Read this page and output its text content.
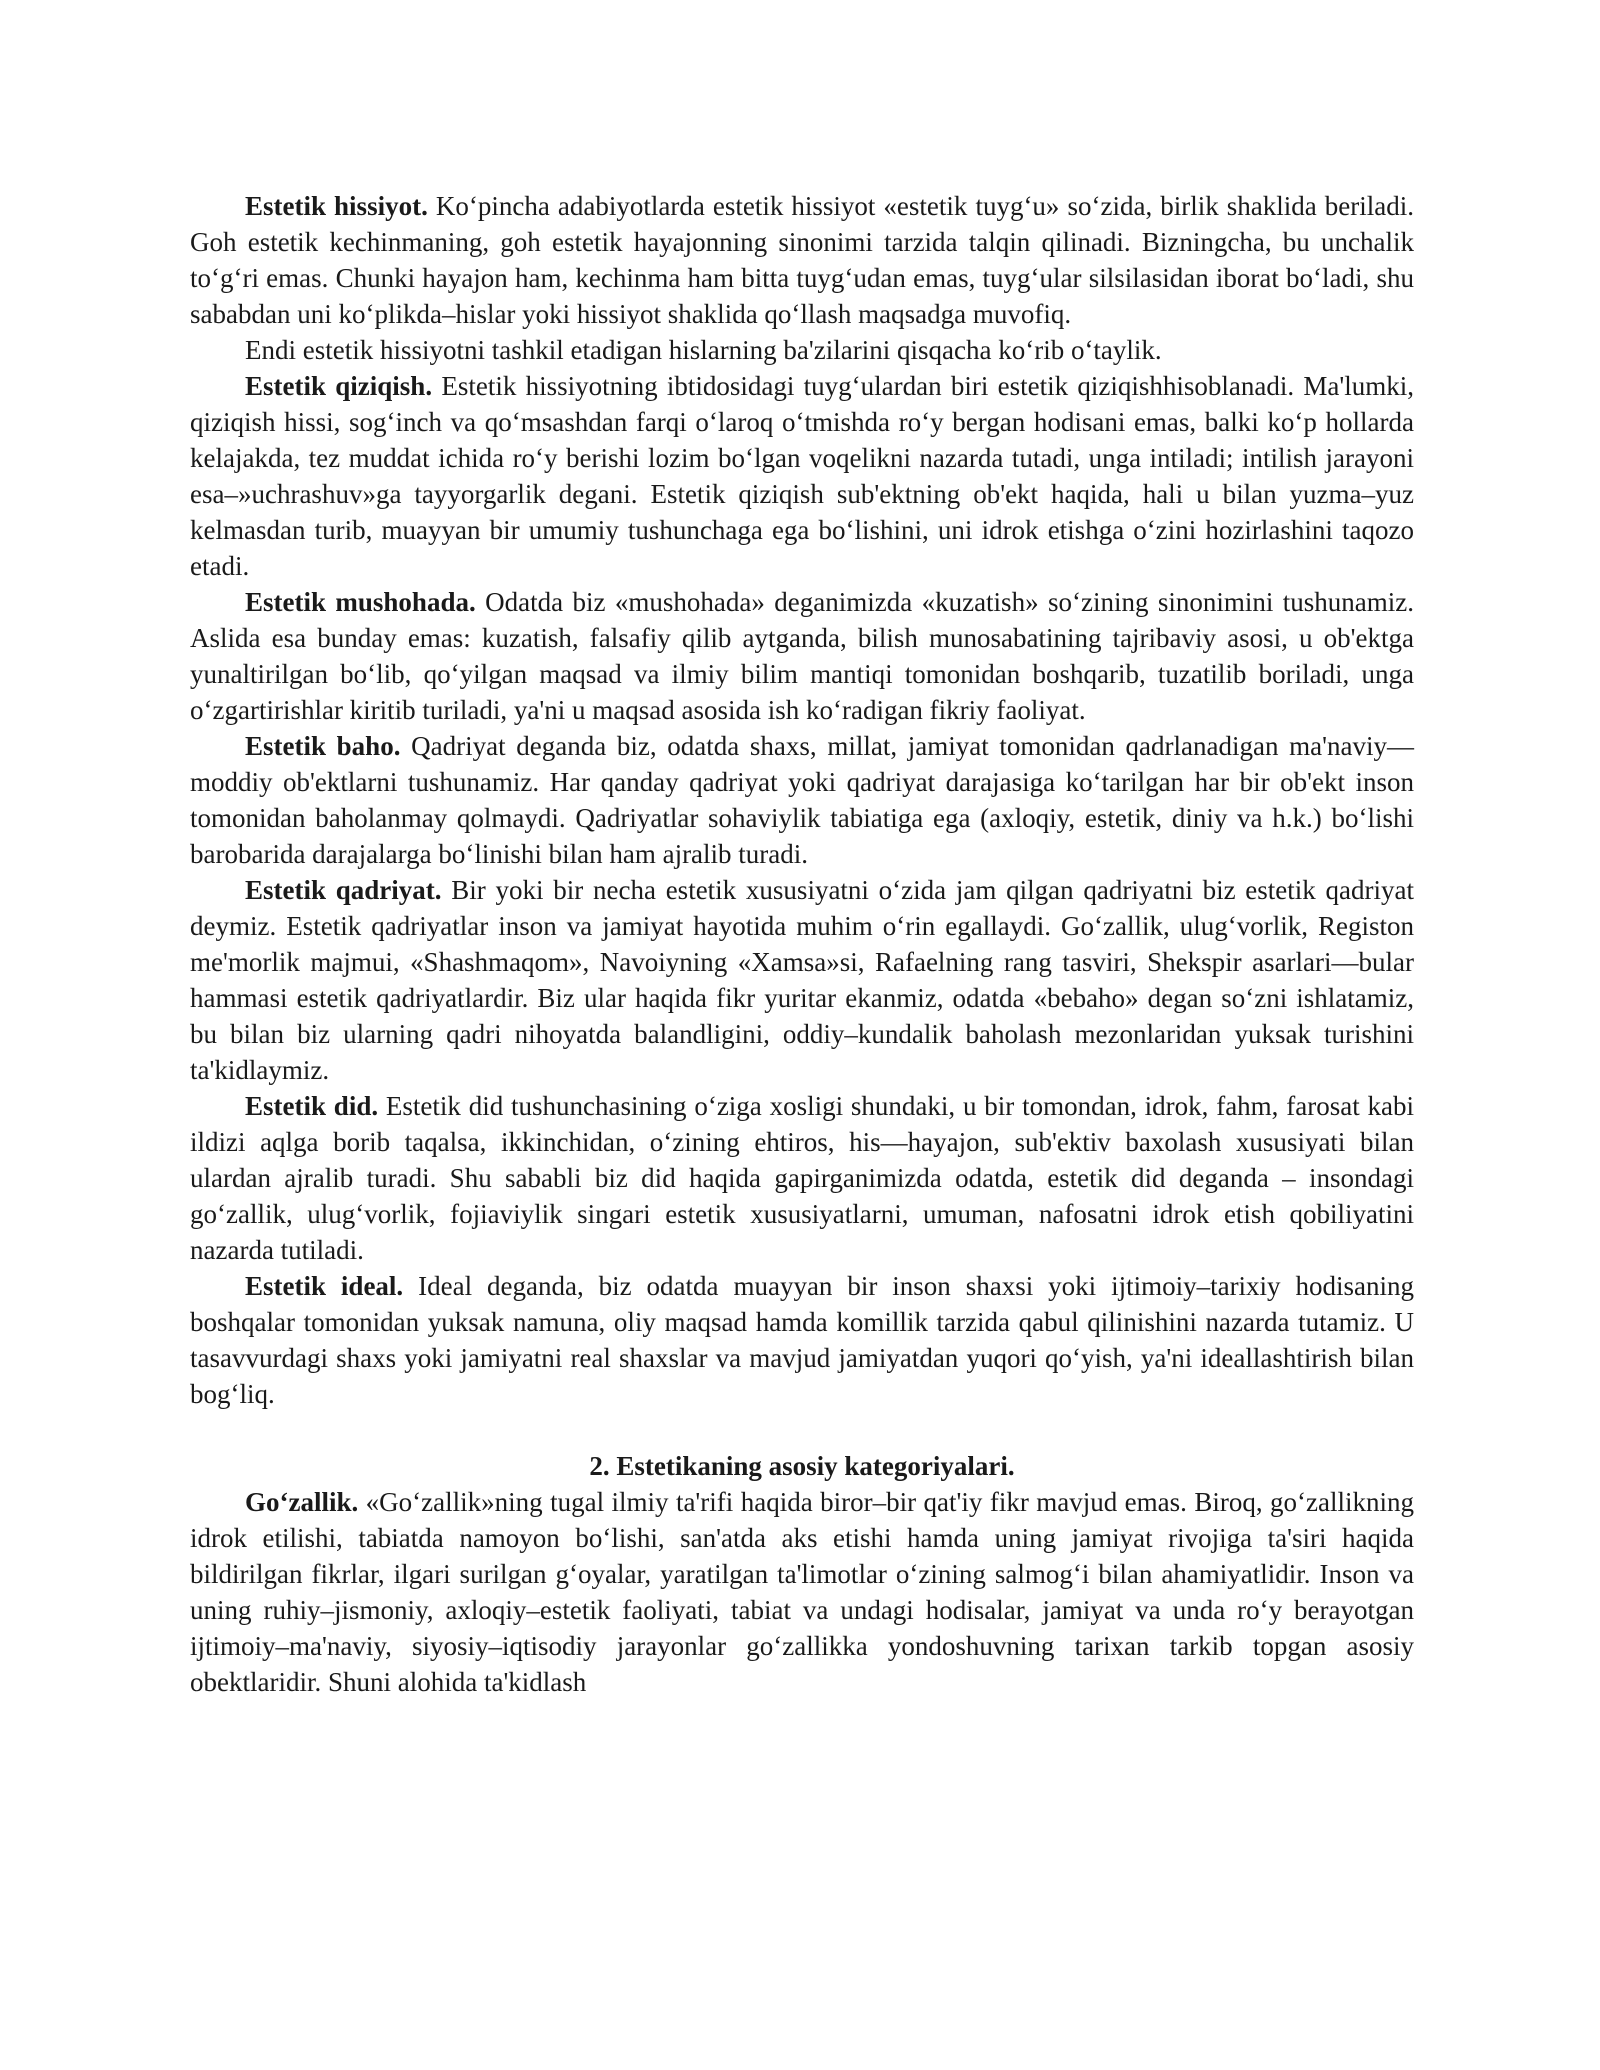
Estetik hissiyot. Ko‘pincha adabiyotlarda estetik hissiyot «estetik tuyg‘u» so‘zida, birlik shaklida beriladi. Goh estetik kechinmaning, goh estetik hayajonning sinonimi tarzida talqin qilinadi. Bizningcha, bu unchalik to‘g‘ri emas. Chunki hayajon ham, kechinma ham bitta tuyg‘udan emas, tuyg‘ular silsilasidan iborat bo‘ladi, shu sababdan uni ko‘plikda–hislar yoki hissiyot shaklida qo‘llash maqsadga muvofiq.

Endi estetik hissiyotni tashkil etadigan hislarning ba'zilarini qisqacha ko‘rib o‘taylik.

Estetik qiziqish. Estetik hissiyotning ibtidosidagi tuyg‘ulardan biri estetik qiziqishhisoblanadi. Ma'lumki, qiziqish hissi, sog‘inch va qo‘msashdan farqi o‘laroq o‘tmishda ro‘y bergan hodisani emas, balki ko‘p hollarda kelajakda, tez muddat ichida ro‘y berishi lozim bo‘lgan voqelikni nazarda tutadi, unga intiladi; intilish jarayoni esa–»uchrashuv»ga tayyorgarlik degani. Estetik qiziqish sub'ektning ob'ekt haqida, hali u bilan yuzma–yuz kelmasdan turib, muayyan bir umumiy tushunchaga ega bo‘lishini, uni idrok etishga o‘zini hozirlashini taqozo etadi.

Estetik mushohada. Odatda biz «mushohada» deganimizda «kuzatish» so‘zining sinonimini tushunamiz. Aslida esa bunday emas: kuzatish, falsafiy qilib aytganda, bilish munosabatining tajribaviy asosi, u ob'ektga yunaltirilgan bo‘lib, qo‘yilgan maqsad va ilmiy bilim mantiqi tomonidan boshqarib, tuzatilib boriladi, unga o‘zgartirishlar kiritib turiladi, ya'ni u maqsad asosida ish ko‘radigan fikriy faoliyat.

Estetik baho. Qadriyat deganda biz, odatda shaxs, millat, jamiyat tomonidan qadrlanadigan ma'naviy—moddiy ob'ektlarni tushunamiz. Har qanday qadriyat yoki qadriyat darajasiga ko‘tarilgan har bir ob'ekt inson tomonidan baholanmay qolmaydi. Qadriyatlar sohaviylik tabiatiga ega (axloqiy, estetik, diniy va h.k.) bo‘lishi barobarida darajalarga bo‘linishi bilan ham ajralib turadi.

Estetik qadriyat. Bir yoki bir necha estetik xususiyatni o‘zida jam qilgan qadriyatni biz estetik qadriyat deymiz. Estetik qadriyatlar inson va jamiyat hayotida muhim o‘rin egallaydi. Go‘zallik, ulug‘vorlik, Registon me'morlik majmui, «Shashmaqom», Navoiyning «Xamsa»si, Rafaelning rang tasviri, Shekspir asarlari—bular hammasi estetik qadriyatlardir. Biz ular haqida fikr yuritar ekanmiz, odatda «bebaho» degan so‘zni ishlatamiz, bu bilan biz ularning qadri nihoyatda balandligini, oddiy–kundalik baholash mezonlaridan yuksak turishini ta'kidlaymiz.

Estetik did. Estetik did tushunchasining o‘ziga xosligi shundaki, u bir tomondan, idrok, fahm, farosat kabi ildizi aqlga borib taqalsa, ikkinchidan, o‘zining ehtiros, his—hayajon, sub'ektiv baxolash xususiyati bilan ulardan ajralib turadi. Shu sababli biz did haqida gapirganimizda odatda, estetik did deganda – insondagi go‘zallik, ulug‘vorlik, fojiaviylik singari estetik xususiyatlarni, umuman, nafosatni idrok etish qobiliyatini nazarda tutiladi.

Estetik ideal. Ideal deganda, biz odatda muayyan bir inson shaxsi yoki ijtimoiy–tarixiy hodisaning boshqalar tomonidan yuksak namuna, oliy maqsad hamda komillik tarzida qabul qilinishini nazarda tutamiz. U tasavvurdagi shaxs yoki jamiyatni real shaxslar va mavjud jamiyatdan yuqori qo‘yish, ya'ni ideallashtirish bilan bog‘liq.

2. Estetikaning asosiy kategoriyalari.

Go‘zallik. «Go‘zallik»ning tugal ilmiy ta'rifi haqida biror–bir qat'iy fikr mavjud emas. Biroq, go‘zallikning idrok etilishi, tabiatda namoyon bo‘lishi, san'atda aks etishi hamda uning jamiyat rivojiga ta'siri haqida bildirilgan fikrlar, ilgari surilgan g‘oyalar, yaratilgan ta'limotlar o‘zining salmog‘i bilan ahamiyatlidir. Inson va uning ruhiy–jismoniy, axloqiy–estetik faoliyati, tabiat va undagi hodisalar, jamiyat va unda ro‘y berayotgan ijtimoiy–ma'naviy, siyosiy–iqtisodiy jarayonlar go‘zallikka yondoshuvning tarixan tarkib topgan asosiy obektlaridir. Shuni alohida ta'kidlash
